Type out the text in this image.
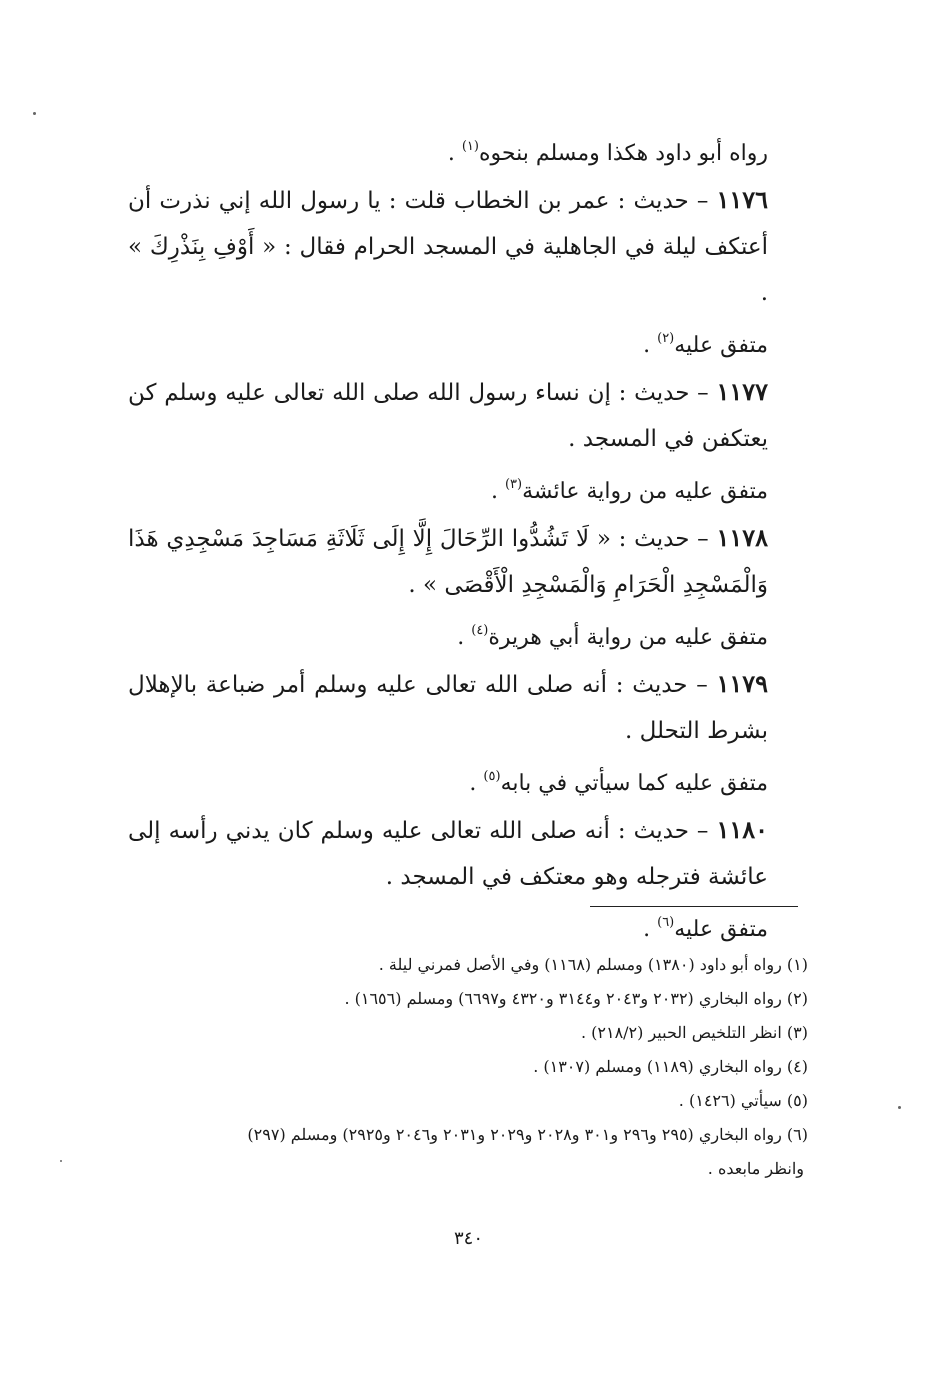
رواه أبو داود هكذا ومسلم بنحوه$^{(١)}$ .
١١٧٦ – حديث : عمر بن الخطاب قلت : يا رسول الله إني نذرت أن أعتكف ليلة في الجاهلية في المسجد الحرام فقال : « أَوْفِ بِنَذْرِكَ » .
متفق عليه$^{(٢)}$ .
١١٧٧ – حديث : إن نساء رسول الله صلى الله تعالى عليه وسلم كن يعتكفن في المسجد .
متفق عليه من رواية عائشة$^{(٣)}$ .
١١٧٨ – حديث : « لَا تَشُدُّوا الرِّحَالَ إِلَّا إِلَى ثَلَاثَةِ مَسَاجِدَ مَسْجِدِي هَذَا وَالْمَسْجِدِ الْحَرَامِ وَالْمَسْجِدِ الْأَقْصَى » .
متفق عليه من رواية أبي هريرة$^{(٤)}$ .
١١٧٩ – حديث : أنه صلى الله تعالى عليه وسلم أمر ضباعة بالإهلال بشرط التحلل .
متفق عليه كما سيأتي في بابه$^{(٥)}$ .
١١٨٠ – حديث : أنه صلى الله تعالى عليه وسلم كان يدني رأسه إلى عائشة فترجله وهو معتكف في المسجد .
متفق عليه$^{(٦)}$ .
(١) رواه أبو داود (١٣٨٠) ومسلم (١١٦٨) وفي الأصل فمرني ليلة .
(٢) رواه البخاري (٢٠٣٢ و٢٠٤٣ و٣١٤٤ و٤٣٢٠ و٦٦٩٧) ومسلم (١٦٥٦) .
(٣) انظر التلخيص الحبير (٢١٨/٢) .
(٤) رواه البخاري (١١٨٩) ومسلم (١٣٠٧) .
(٥) سيأتي (١٤٢٦) .
(٦) رواه البخاري (٢٩٥ و٢٩٦ و٣٠١ و٢٠٢٨ و٢٠٢٩ و٢٠٣١ و٢٠٤٦ و٢٩٢٥) ومسلم (٢٩٧)
وانظر مابعده .
٣٤٠
